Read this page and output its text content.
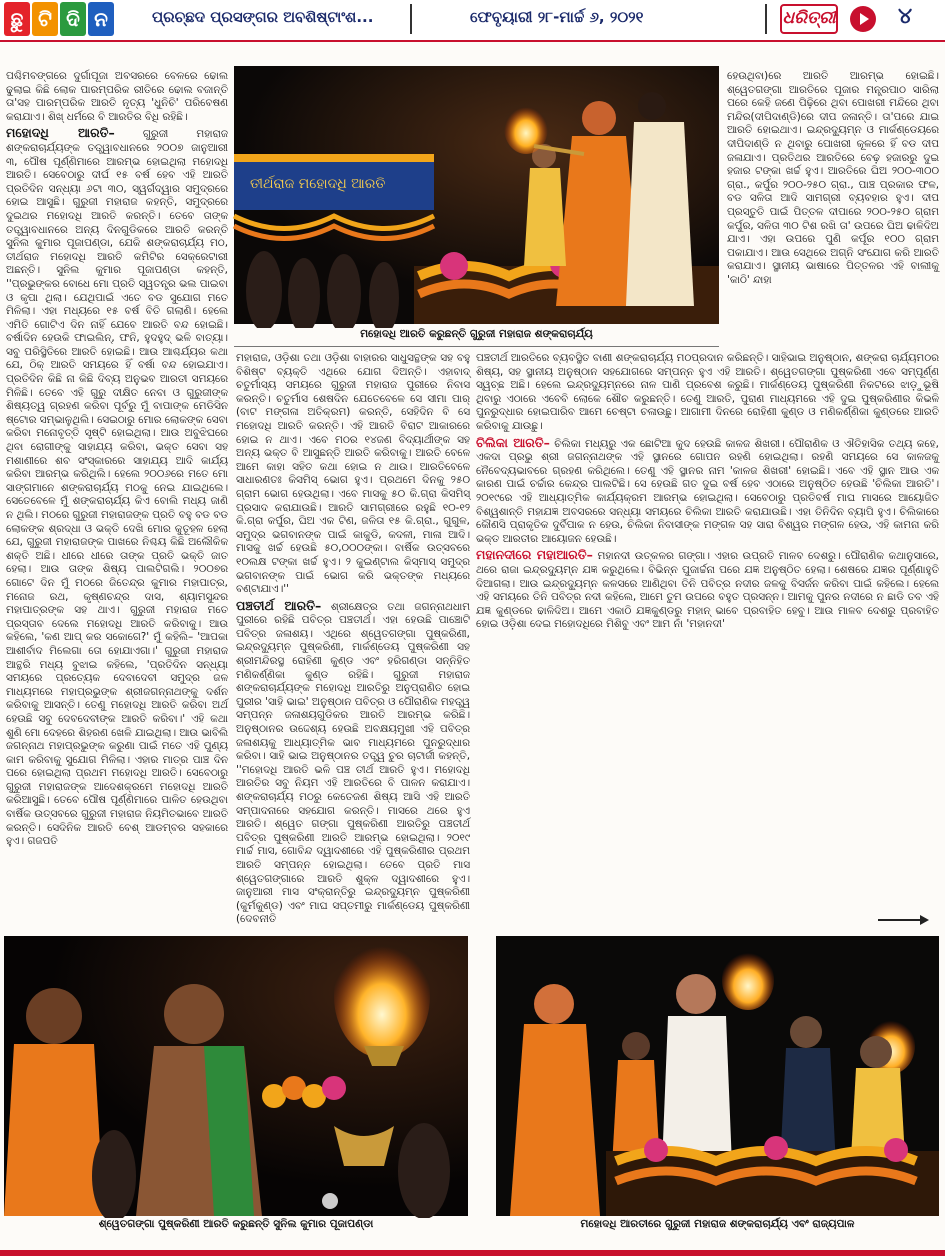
ଛୁ ଟି ଦି ନ	ପ୍ରଚ୍ଛଦ ପ୍ରସଙ୍ଗର ଅବଶିଷ୍ଟାଂଶ...	ଫେବୃୟାରୀ ୨୮-ମାର୍ଚ୍ଚ ୬, ୨୦୨୧	ଧରିତ୍ରୀ	୪

ପଶ୍ଚିମବଙ୍ଗରେ ଦୁର୍ଗାପୂଜା ଅବସରରେ ବେଳରେ ଢୋଲ ଢୁଲାଇ କିଛି ଲୋକ ପାରମ୍ପରିକ ରୀତିରେ ଢୋଲ ବଜାନ୍ତି ତା'ସହ ପାରମ୍ପରିକ ଆରତି ନୃତ୍ୟ 'ଧୁନିଚି' ପରିବେଷଣ କରାଯାଏ। ଶିଖ୍ ଧର୍ମରେ ବି ଆରତିର ବିଧି ରହିଛି।

ମହୋଦଧି ଆରତି–	ଗୁରୁଜୀ ମହାରାଜ ଶଙ୍କରାଚାର୍ଯ୍ୟଙ୍କ ତତ୍ତ୍ୱାବଧାନରେ ୨୦୦୭ ଜାନୁଆରୀ ୩, ପୌଷ ପୂର୍ଣ୍ଣିମାରେ ଆରମ୍ଭ ହୋଇଥିଲା ମହୋଦଧି ଆରତି। ସେବେଠାରୁ ଦୀର୍ଘ ୧୫ ବର୍ଷ ହେବ ଏହି ଆରତି ପ୍ରତିଦିନ ସନ୍ଧ୍ୟା ୬ଟା ୩୦, ସ୍ୱର୍ଗଦ୍ୱାର ସମୁଦ୍ରରେ ହୋଇ ଆସୁଛି। ଗୁରୁଜୀ ମହାରାଜ କହନ୍ତି, ସମୁଦ୍ରରେ ଦୁଇଥର ମହୋଦଧି ଆରତି କରନ୍ତି। ତେବେ ତାଙ୍କ ତତ୍ତ୍ୱାବଧାନରେ ଅନ୍ୟ ଦିନଗୁଡିକରେ ଆରତି କରନ୍ତି ସୁନିଲ କୁମାର ପୂଜାପଣ୍ଡା, ଯେକି ଶଙ୍କରାଚାର୍ଯ୍ୟ ମଠ, ତୀର୍ଥରାଜ ମହୋଦଧି ଆରତି କମିଟିର ସେକ୍ରେଟାରୀ ଅଛନ୍ତି। ସୁନିଲ କୁମାର ପୂଜାପଣ୍ଡା କହନ୍ତି, ''ପ୍ରଭୁଙ୍କର ବୋଧେ ମୋ ପ୍ରତି ସ୍ୱତନ୍ତ୍ର ଭଲ ପାଇବା ଓ କୃପା ଥିଲା। ଯେଥିପାଇଁ ଏତେ ବଡ ସୁଯୋଗ ମତେ ମିଳିଲା। ଏହା ମଧ୍ୟରେ ୧୫ ବର୍ଷ ବିତି ଗଲାଣି। ହେଲେ ଏମିତି ଗୋଟିଏ ଦିନ ନାହିଁ ଯେବେ ଆରତି ବନ୍ଦ ହୋଇଛି। ବର୍ଷାଦିନ ହେଉକି ଫାଇଲିନ୍, ଫନି, ହୁଦହୁଦ୍ ଭଳି ବାତ୍ୟା। ସବୁ ପରିସ୍ଥିତିରେ ଆରତି ହୋଇଛି। ଆଉ ଆଶ୍ଚର୍ଯ୍ୟର କଥା ଯେ, ଠିକ୍ ଆରତି ସମୟରେ ହିଁ ବର୍ଷା ବନ୍ଦ ହୋଇଯାଏ। ପ୍ରତିଦିନ କିଛି ନା କିଛି ଦିବ୍ୟ ଅନୁଭବ ଆରତୀ ସମୟରେ ମିଳିଛି। ତେବେ ଏହି ଗୁରୁ ଦୀକ୍ଷିତ ନେବା ଓ ଗୁରୁଜୀଙ୍କ ଶିଷ୍ୟତ୍ୱ ଗ୍ରହଣ କରିବା ପୂର୍ବରୁ ମୁଁ ବାପାଙ୍କ ମେଡିସିନ ଷ୍ଟୋର ସମ୍ଭାଳୁଥିଲି। ସେଇଠାରୁ ମୋର ଲୋକଙ୍କ ସେବା କରିବା ମନୋବୃତ୍ତି ସୃଷ୍ଟି ହୋଇଥିଲା। ଆଉ ଅବୁଝିଘରେ ଥିବା ରୋଗୀଙ୍କୁ ସାହାଯ୍ୟ କରିବା, ଭକ୍ତ ସେବା ସହ ମଶାଣୀରେ ଶବ ସଂସ୍କାରରେ ସାହାଯ୍ୟ ଆଦି କାର୍ଯ୍ୟ କରିବା ଆରମ୍ଭ କରିଥିଲି। ହେଲେ ୨୦୦୬ରେ ମତେ ମୋ ସାଙ୍ଗମାନେ ଶଙ୍କରାଚାର୍ଯ୍ୟ ମଠକୁ ନେଇ ଯାଇଥିଲେ। ସେତେବେଳେ ମୁଁ ଶଙ୍କରାଚାର୍ଯ୍ୟ କିଏ ବୋଲି ମଧ୍ୟ ଜାଣି ନ ଥିଲି। ମଠରେ ଗୁରୁଜୀ ମହାରାଜଙ୍କ ପ୍ରତି ବହୁ ବଡ ବଡ ଲୋକଙ୍କ ଶ୍ରଦ୍ଧା ଓ ଭକ୍ତି ଦେଖି ମୋର କୁତୂହଳ ହେଲା ଯେ, ଗୁରୁଜୀ ମହାରାଜଙ୍କ ପାଖରେ ନିଶ୍ଚୟ କିଛି ଅଲୌକିକ ଶକ୍ତି ଅଛି। ଧୀରେ ଧୀରେ ତାଙ୍କ ପ୍ରତି ଭକ୍ତି ଜାତ ହେଲା। ଆଉ ତାଙ୍କ ଶିଷ୍ୟ ପାଲଟିଗଲି। ୨୦୦୭ର ଗୋଟେ ଦିନ ମୁଁ ମଠରେ ଜିତେନ୍ଦ୍ର କୁମାର ମହାପାତ୍ର, ମନୋଜ ରଥ, କୃଷ୍ଣଚନ୍ଦ୍ର ଦାସ, ଶ୍ୟାମସୁନ୍ଦର ମହାପାତ୍ରଙ୍କ ସହ ଥାଏ। ଗୁରୁଜୀ ମହାରାଜ ମତେ ପ୍ରସ୍ତାବ ଦେଲେ ମହୋଦଧି ଆରତି କରିବାକୁ। ଆଉ କହିଲେ, 'କଣ ଆପ୍ କର ସକୋଗେ?' ମୁଁ କହିଲି– 'ଆପକା ଆଶୀର୍ବାଦ ମିଲେଗା ତୋ ହୋଯାଏଗା।' ଗୁରୁଜୀ ମହାରାଜ ଆନ୍ଥରି ମଧ୍ୟ ବୁଝାଇ କହିଲେ, 'ପ୍ରତିଦିନ ସନ୍ଧ୍ୟା ସମୟରେ ପ୍ରତ୍ୟେକ ଦେବାଦେବୀ ସମୁଦ୍ର ଜଳ ମାଧ୍ୟମରେ ମହାପ୍ରଭୁଙ୍କ ଶ୍ରୀଜଗନ୍ନାଥଙ୍କୁ ଦର୍ଶନ କରିବାକୁ ଆସନ୍ତି। ତେଣୁ ମହୋଦଧି ଆରତି କରିବା ଅର୍ଥ ହେଉଛି ସବୁ ଦେବଦେବୀଙ୍କ ଆରତି କରିବା।' ଏହି କଥା ଶୁଣି ମୋ ଦେହରେ ଶିହରଣ ଖେଳି ଯାଇଥିଲା। ଆଉ ଭାବିଲି ଜଗନ୍ନାଥ ମହାପ୍ରଭୁଙ୍କ କରୁଣା ପାଇଁ ମତେ ଏହି ପୁଣ୍ୟ କାମ କରିବାକୁ ସୁଯୋଗ ମିଳିଲା। ଏହାର ମାତ୍ର ପାଞ୍ଚ ଦିନ ପରେ ହୋଇଥିଲା ପ୍ରଥମ ମହୋଦଧି ଆରତି। ସେବେଠାରୁ ଗୁରୁଜୀ ମହାରାଜଙ୍କ ଆଦେଶକ୍ରମେ ମହୋଦଧି ଆରତି କରିଆସୁଛି। ତେବେ ପୌଷ ପୂର୍ଣ୍ଣିମାରେ ପାଳିତ ହେଉଥିବା ବାର୍ଷିକ ଉତ୍ସବରେ ଗୁରୁଜୀ ମହାରାଜ ନିୟମିତଭାବେ ଆରତି କରନ୍ତି। ସେଦିନିକ ଆରତି ବେଶ୍ ଆଡମ୍ବର ସହକାରେ ହୁଏ। ଗଜପତି

ତୀର୍ଥରାଜ ମହୋଦଧି ଆରତି
ମହୋଦଧି ଆରତି କରୁଛନ୍ତି ଗୁରୁଜୀ ମହାରାଜ ଶଙ୍କରାଚାର୍ଯ୍ୟ

ହେଉଥିବା)ରେ ଆରତି ଆରମ୍ଭ ହୋଇଛି। ଶ୍ୱେତଗଙ୍ଗା ଆରତିରେ ପୂଜାର ମନ୍ତ୍ରପାଠ ସାରିଲା ପରେ କେହି ଜଣେ ପିଢ଼ିରେ ଥିବା ପୋଖରୀ ମନ୍ଦିରେ ଥିବା ମନ୍ଦିର(ଦୀପିଦାଣ୍ଡି)ରେ ଦୀପ ଜଳାନ୍ତି। ତା'ପରେ ଯାଇ ଆରତି ହୋଇଥାଏ। ଇନ୍ଦ୍ରଦ୍ୟୁମ୍ନ ଓ ମାର୍କଣ୍ଡେୟରେ ଦୀପିଦାଣ୍ଡି ନ ଥିବାରୁ ପୋଖରୀ କୂଳରେ ହିଁ ବଡ ଦୀପ ଜଳାଯାଏ। ପ୍ରତିଥର ଆରତିରେ ବେଢ଼ ହଜାରରୁ ଦୁଇ ହଜାର ଟଙ୍କା ଖର୍ଚ୍ଚ ହୁଏ। ଆରତିରେ ଘିଅ ୨୦୦-୩୦୦ ଗ୍ରା., କର୍ପୁର ୨୦୦-୨୫୦ ଗ୍ରା., ପାଞ୍ଚ ପ୍ରକାର ଫଳ, ବଡ ସଳିତା ଆଦି ସାମଗ୍ରୀ ବ୍ୟବହାର ହୁଏ। ଦୀପ ପ୍ରସ୍ତୁତି ପାଇଁ ପିତ୍ତଳ ଦୀପାରେ ୨୦୦-୨୫୦ ଗ୍ରାମ କର୍ପୁର, ସଳିତା ୩୦ ଟିଶ ରଖି ତା' ଉପରେ ଘିଅ ଢାଳିଦିଅ ଯାଏ। ଏହା ଉପରେ ପୁଣି କର୍ପୂର ୧୦୦ ଗ୍ରାମ ପକାଯାଏ। ଆଉ ସେଥିରେ ଅଗ୍ନି ସଂଯୋଗ କରି ଆରତି କରାଯାଏ। ସ୍ଥାନୀୟ ଭାଷାରେ ପିତ୍ତଳର ଏହି ବାଲୀକୁ 'କାଠି' ନ୍ଦାହା

ମହାରାଜ, ଓଡ଼ିଶା ତଥା ଓଡ଼ିଶା ବାହାରର ସାଧୁସନ୍ଥଙ୍କ ସହ ବହୁ ବିଶିଷ୍ଟ ବ୍ୟକ୍ତି ଏଥିରେ ଯୋଗ ଦିଅନ୍ତି। ଏହାବାଦ୍ ଚତୁର୍ମାସ୍ୟ ସମୟରେ ଗୁରୁଜୀ ମହାରାଜ ପୁରୀରେ ନିବାସ କରନ୍ତି। ଚତୁର୍ମାସ ଶେଷଦିନ ଯେତେବେଳେ ସେ ସୀମା ପାର୍ (ବାଟ ମଙ୍ଗଳା ଅତିକ୍ରମ) କରନ୍ତି, ସେହିଦିନ ବି ସେ ମହୋଦଧି ଆରତି କରନ୍ତି। ଏହି ଆରତି ବିରାଟ ଆକାରରେ ହୋଇ ନ ଥାଏ। ଏବେ ମଠର ୧୪ଜଣ ବିଦ୍ୟାର୍ଥୀଙ୍କ ସହ ଅନ୍ୟ ଭକ୍ତ ବି ଆସୁଛନ୍ତି ଆରତି କରିବାକୁ। ଆରତି ବେଳେ ଆମେ କାହା ସହିତ କଥା ହୋଇ ନ ଥାଉ। ଆରତିବେଳେ ସାଧାରଣତଃ କିସମିସ୍ ଭୋଗ ହୁଏ। ପ୍ରଥମେ ଦିନକୁ ୨୫୦ ଗ୍ରାମ ଭୋଗ ହେଉଥିଲା। ଏବେ ମାସକୁ ୫୦ କି.ଗ୍ରା କିସମିସ୍ ପ୍ରସାଦ କରାଯାଉଛି। ଆରତି ସାମଗ୍ରୀରେ ରହୁଛି ୧୦-୧୨ କି.ଗ୍ରା କର୍ପୁର, ଘିଅ ଏକ ଟିଣ, ଜଳିତା ୧୫ କି.ଗ୍ରା., ଗୁଗୁଳ, ସମୁଦ୍ର ଭଗବାନଙ୍କ ପାଇଁ କାକୁଡି, କଦଳୀ, ମାଳା ଆଦି। ମାସକୁ ଖର୍ଚ୍ଚ ହେଉଛି ୫୦,୦୦୦ଙ୍କା। ବାର୍ଷିକ ଉତ୍ସବରେ ୧୦ଲକ୍ଷ ଟଙ୍କା ଖର୍ଚ୍ଚ ହୁଏ। ୨ କୁଇଣ୍ଟାଲ କିସ୍‌ମାସ୍ ସମୁଦ୍ର ଭଗବାନଙ୍କ ପାଇଁ ଭୋଗ କରି ଭକ୍ତଙ୍କ ମଧ୍ୟରେ ବଣ୍ଟାଯାଏ।''

ପଞ୍ଚତୀର୍ଥ ଆରତି– ଶ୍ରୀକ୍ଷେତ୍ର ତଥା ଜଗନ୍ନାଥଧାମ ପୁରୀରେ ରହିଛି ପବିତ୍ର ପଞ୍ଚତୀର୍ଥ। ଏହା ହେଉଛି ପାଞ୍ଚୋଟି ପବିତ୍ର ଜଳାଶୟ। ଏଥିରେ ଶ୍ୱେତଗଙ୍ଗା ପୁଷ୍କରିଣୀ, ଇନ୍ଦ୍ରଦ୍ୟୁମ୍ନ ପୁଷ୍କରିଣୀ, ମାର୍କଣ୍ଡେୟ ପୁଷ୍କରିଣୀ ସହ ଶ୍ରୀମନ୍ଦିରସ୍ଥ ରୋହିଣୀ କୁଣ୍ଡ ଏବଂ ହରିଗଣ୍ଡା ସନ୍ନିହିତ ମଣିକର୍ଣ୍ଣିକା କୁଣ୍ଡ ରହିଛି। ଗୁରୁଜୀ ମହାରାଜ ଶଙ୍କରାଚାର୍ଯ୍ୟଙ୍କ ମହୋଦଧି ଆରତିରୁ ଅନୁପ୍ରାଣିତ ହୋଇ ପୁରୀର 'ସାହି ଭାଇ' ଅନୁଷ୍ଠାନ ପବିତ୍ର ଓ ପୌରାଣିକ ମହତ୍ତ୍ୱ ସମ୍ପନ୍ନ ଜଳାଶୟଗୁଡିକର ଆରତି ଆରମ୍ଭ କରିଛି। ଅନୁଷ୍ଠାନର ଉଦ୍ଦେଶ୍ୟ ହେଉଛି ଅବକ୍ଷୟମୁଖୀ ଏହି ପବିତ୍ର ଜଳାଶୟକୁ ଆଧ୍ୟାତ୍ମିକ ଭାବ ମାଧ୍ୟମରେ ପୁନରୁଦ୍ଧାର କରିବା। ସାହି ଭାଇ ଅନୁଷ୍ଠାନର ତତ୍ତ୍ୱ ଚୁର ଚାଟାର୍ଜୀ କହନ୍ତି, ''ମହୋଦଧି ଆରତି ଭଳି ପଞ୍ଚ ତୀର୍ଥ ଆରତି ହୁଏ। ମହୋଦଧି ଆରତିର ସବୁ ନିୟମ ଏହି ଆରତିରେ ବି ପାଳନ କରାଯାଏ। ଶଙ୍କରାଚାର୍ଯ୍ୟ ମଠରୁ କେତେଜଣ ଶିଷ୍ୟ ଆସି ଏହି ଆରତି ସମ୍ପାଦନାରେ ସହଯୋଗ କରନ୍ତି। ମାସରେ ଥରେ ହୁଏ ଆରତି। ଶ୍ୱେତ ଗଙ୍ଗା ପୁଷ୍କରିଣୀ ଆରତିରୁ ପଞ୍ଚତୀର୍ଥ ପବିତ୍ର ପୁଷ୍କରିଣୀ ଆରତି ଆରମ୍ଭ ହୋଇଥିଲା। ୨୦୧୯ ମାର୍ଚ୍ଚ ମାସ, ଗୋବିନ୍ଦ ଦ୍ୱାଦଶୀରେ ଏହି ପୁଷ୍କରିଣୀର ପ୍ରଥମ ଆରତି ସମ୍ପନ୍ନ ହୋଇଥିଲା। ତେବେ ପ୍ରତି ମାସ ଶ୍ୱେତଗଙ୍ଗାରେ ଆରତି ଶୁକ୍ଳ ଦ୍ୱାଦଶୀରେ ହୁଏ। ଜାନୁଆରୀ ମାସ ସଂକ୍ରାନ୍ତିରୁ ଇନ୍ଦ୍ରଦ୍ୟୁମ୍ନ ପୁଷ୍କରିଣୀ (କୁର୍ମକୁଣ୍ଡ) ଏବଂ ମାଘ ସପ୍ତମୀରୁ ମାର୍କଣ୍ଡେୟ ପୁଷ୍କରିଣୀ (ଦେବନୀତି

ପଞ୍ଚତୀର୍ଥ ଆରତିରେ ବ୍ୟବସ୍ଥିତ ବାଣୀ ଶଙ୍କରାଚାର୍ଯ୍ୟ ମଠପ୍ରଦାନ କରିଛନ୍ତି। ସାହିଭାଇ ଅନୁଷ୍ଠାନ, ଶଙ୍କରା ଚାର୍ଯ୍ୟମଠର ଶିଷ୍ୟ, ସହ ସ୍ଥାନୀୟ ଅନୁଷ୍ଠାନ ସହଯୋଗରେ ସମ୍ପନ୍ନ ହୁଏ ଏହି ଆରତି। ଶ୍ୱେତଗଙ୍ଗା ପୁଷ୍କରିଣୀ ଏବେ ସମ୍ପୂର୍ଣ୍ଣ ସ୍ୱଚ୍ଛ ଅଛି। ହେଲେ ଇନ୍ଦ୍ରଦ୍ୟୁମ୍ନରେ ନାଳ ପାଣି ପ୍ରବେଶ କରୁଛି। ମାର୍କଣ୍ଡେୟ ପୁଷ୍କରିଣୀ ନିକଟରେ ଝାଡ଼ୁଭୂଷି ଥିବାରୁ ଏଠାରେ ଏବେବି ଲୋକେ ଶୌଚ କରୁଛନ୍ତି। ତେଣୁ ଆରତି, ପୁରାଣ ମାଧ୍ୟମରେ ଏହି ଦୁଇ ପୁଷ୍କରିଣୀର କିଭଳି ପୁନରୁଦ୍ଧାର ହୋଇପାରିବ ଆମେ ଚେଷ୍ଟା ଚଳାଉଛୁ। ଆଗାମୀ ଦିନରେ ରୋହିଣୀ କୁଣ୍ଡ ଓ ମଣିକର୍ଣ୍ଣିକା କୁଣ୍ଡରେ ଆରତି କରିବାକୁ ଯାଉଛୁ।

ଚିଲିକା ଆରତି– ଚିଲିକା ମଧ୍ୟରୁ ଏକ ଛୋଟିଆ କୁଦ ହେଉଛି କାଳଜ ଶିଖରୀ। ପୌରାଣିକ ଓ ଐତିହାସିକ ତଥ୍ୟ କହେ, ଏକଦା ପ୍ରଭୁ ଶ୍ରୀ ଜଗନ୍ନାଥଙ୍କ ଏହି ସ୍ଥାନରେ ଗୋପନ ରହଣି ହୋଇଥିଲା। ରହଣି ସମୟରେ ସେ କାଳଜକୁ ନୈବେଦ୍ୟଭାବରେ ଗ୍ରହଣ କରିଥିଲେ। ତେଣୁ ଏହି ସ୍ଥାନର ନାମ 'କାଳଜ ଶିଖରୀ' ହୋଇଛି। ଏବେ ଏହି ସ୍ଥାନ ଆଉ ଏକ କାରଣ ପାଇଁ ଚର୍ଚ୍ଚାର କେନ୍ଦ୍ର ପାଲଟିଛି। ସେ ହେଉଛି ଗତ ଦୁଇ ବର୍ଷ ହେବ ଏଠାରେ ଅନୁଷ୍ଠିତ ହେଉଛି 'ଚିଲିକା ଆରତି'। ୨୦୧୯ରେ ଏହି ଆଧ୍ୟାତ୍ମିକ କାର୍ଯ୍ୟକ୍ରମ ଆରମ୍ଭ ହୋଇଥିଲା। ସେବେଠାରୁ ପ୍ରତିବର୍ଷ ମାଘ ମାସରେ ଆୟୋଜିତ ବିଶ୍ୱଶାନ୍ତି ମହାଯଜ୍ଞ ଅବସରରେ ସନ୍ଧ୍ୟା ସମୟରେ ଚିଲିକା ଆରତି କରାଯାଉଛି। ଏହା ତିନିଦିନ ବ୍ୟାପି ହୁଏ। ଚିଲିକାରେ କୌଣସି ପ୍ରାକୃତିକ ଦୁର୍ବିପାକ ନ ହେଉ, ଚିଲିକା ନିବାସୀଙ୍କ ମଙ୍ଗଳ ସହ ସାରା ବିଶ୍ୱର ମଙ୍ଗଳ ହେଉ, ଏହି କାମନା କରି ଭକ୍ତ ଆରତୀର ଆୟୋଜନ ହେଉଛି।

ମହାନଦୀରେ ମହାଆରତି– ମହାନଦୀ ଉତ୍କଳର ଗଙ୍ଗା। ଏହାର ଉପ୍ରତି ମାଳବ ଦେଶରୁ। ପୌରାଣିକ କଥାନୁସାରେ, ଥରେ ରାଜା ଇନ୍ଦ୍ରଦ୍ୟୁମ୍ନ ଯଜ୍ଞ କରୁଥିଲେ। ବିଭିନ୍ନ ପୁଜାର୍ଚ୍ଚନା ପରେ ଯଜ୍ଞ ଅନୁଷ୍ଠିତ ହେଲା। ଶେଷରେ ଯଜ୍ଞର ପୂର୍ଣ୍ଣାହୁତି ଦିଆଗଲା। ଆଉ ଇନ୍ଦ୍ରଦ୍ୟୁମ୍ନ କଳସରେ ଆଣିଥିବା ତିନି ପବିତ୍ର ନଦୀର ଜଳକୁ ବିସର୍ଜନ କରିବା ପାଇଁ କହିଲେ। ହେଲେ ଏହି ସମୟରେ ତିନି ପବିତ୍ର ନଦୀ କହିଲେ, ଆମେ ତୁମ ଉପରେ ବହୁତ ପ୍ରସନ୍ନ। ଆମକୁ ପୁନର ନଦୀରେ ନ ଛାଡି ତବ ଏହି ଯଜ୍ଞ କୁଣ୍ଡରେ ଢାଳିଦିଅ। ଆମେ ଏକାଠି ଯଜ୍ଞକୁଣ୍ଡରୁ ମହାନ୍ ଭାବେ ପ୍ରବାହିତ ହେବୁ। ଆଉ ମାଳବ ଦେଶରୁ ପ୍ରବାହିତ ହୋଇ ଓଡ଼ିଶା ଦେଇ ମହୋଦଧିରେ ମିଶିବୁ ଏବଂ ଆମ ନାଁ 'ମହାନଦୀ'

ଶ୍ୱେତଗଙ୍ଗା ପୁଷ୍କରିଣୀ ଆରତି କରୁଛନ୍ତି ସୁନିଲ କୁମାର ପୂଜାପଣ୍ଡା	ମହୋଦଧି ଆରତୀରେ ଗୁରୁଜୀ ମହାରାଜ ଶଙ୍କରାଚାର୍ଯ୍ୟ ଏବଂ ରାଜ୍ୟପାଳ
